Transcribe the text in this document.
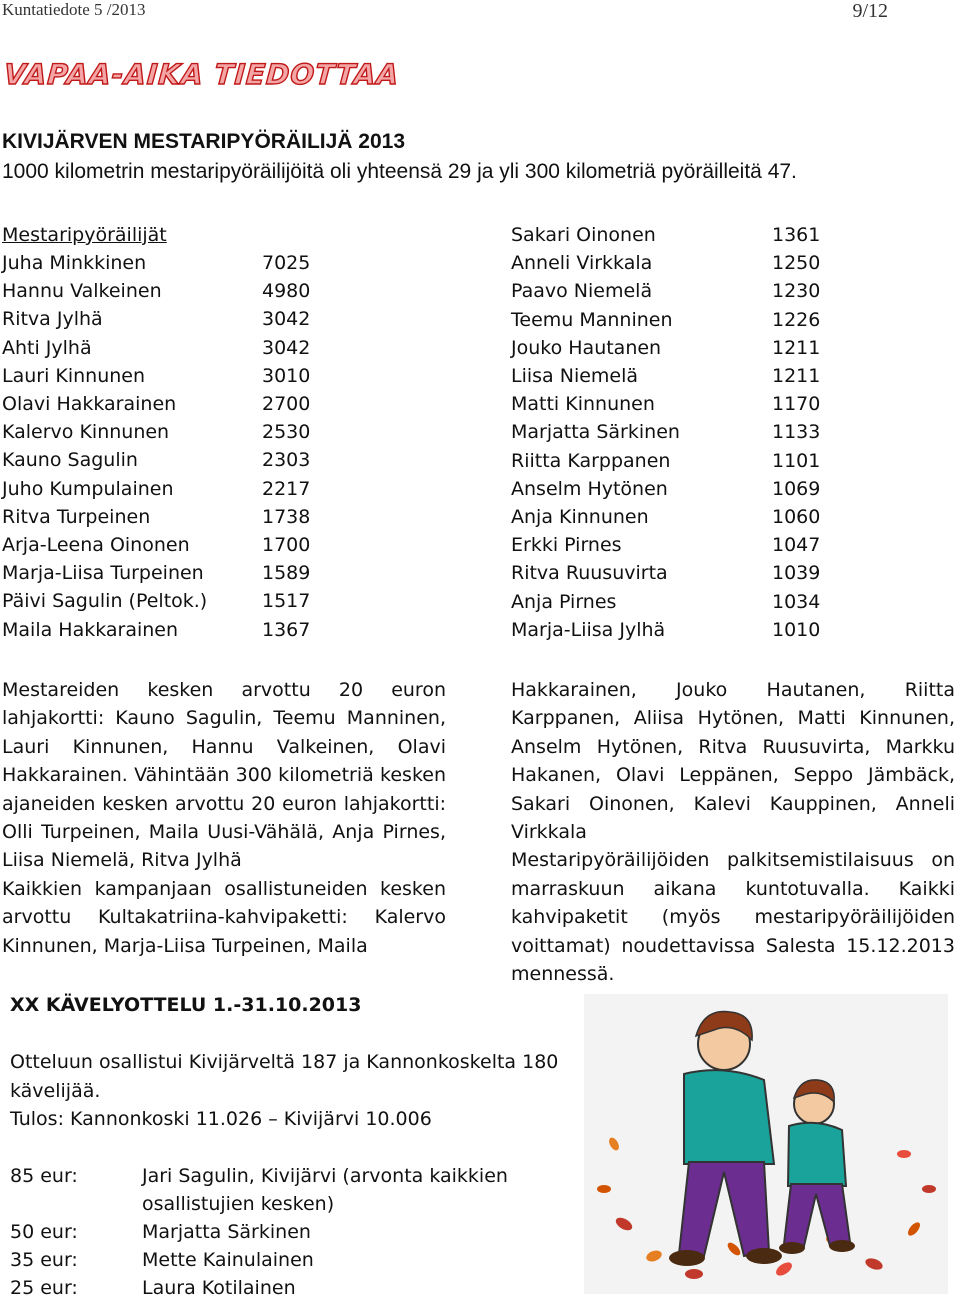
Kuntatiedote 5 /2013	9/12
VAPAA-AIKA TIEDOTTAA
KIVIJÄRVEN MESTARIPYÖRÄILIJÄ 2013
1000 kilometrin mestaripyöräilijöitä oli yhteensä 29 ja yli 300 kilometriä pyöräilleitä 47.
Mestaripyöräilijät
Juha Minkkinen	7025
Hannu Valkeinen	4980
Ritva Jylhä	3042
Ahti Jylhä	3042
Lauri Kinnunen	3010
Olavi Hakkarainen	2700
Kalervo Kinnunen	2530
Kauno Sagulin	2303
Juho Kumpulainen	2217
Ritva Turpeinen	1738
Arja-Leena Oinonen	1700
Marja-Liisa Turpeinen	1589
Päivi Sagulin (Peltok.)	1517
Maila Hakkarainen	1367
Sakari Oinonen	1361
Anneli Virkkala	1250
Paavo Niemelä	1230
Teemu Manninen	1226
Jouko Hautanen	1211
Liisa Niemelä	1211
Matti Kinnunen	1170
Marjatta Särkinen	1133
Riitta Karppanen	1101
Anselm Hytönen	1069
Anja Kinnunen	1060
Erkki Pirnes	1047
Ritva Ruusuvirta	1039
Anja Pirnes	1034
Marja-Liisa Jylhä	1010

Mestareiden kesken arvottu 20 euron lahjakortti: Kauno Sagulin, Teemu Manninen, Lauri Kinnunen, Hannu Valkeinen, Olavi Hakkarainen. Vähintään 300 kilometriä kesken ajaneiden kesken arvottu 20 euron lahjakortti: Olli Turpeinen, Maila Uusi-Vähälä, Anja Pirnes, Liisa Niemelä, Ritva Jylhä

Kaikkien kampanjaan osallistuneiden kesken arvottu Kultakatriina-kahvipaketti: Kalervo Kinnunen, Marja-Liisa Turpeinen, Maila

Hakkarainen, Jouko Hautanen, Riitta Karppanen, Aliisa Hytönen, Matti Kinnunen, Anselm Hytönen, Ritva Ruusuvirta, Markku Hakanen, Olavi Leppänen, Seppo Jämbäck, Sakari Oinonen, Kalevi Kauppinen, Anneli Virkkala

Mestaripyöräilijöiden palkitsemistilaisuus on marraskuun aikana kuntotuvalla. Kaikki kahvipaketit (myös mestaripyöräilijöiden voittamat) noudettavissa Salesta 15.12.2013 mennessä.

XX KÄVELYOTTELU 1.-31.10.2013
Otteluun osallistui Kivijärveltä 187 ja Kannonkoskelta 180
kävelijää.
Tulos: Kannonkoski 11.026 – Kivijärvi 10.006
85 eur:	Jari Sagulin, Kivijärvi (arvonta kaikkien
osallistujien kesken)
50 eur:	Marjatta Särkinen
35 eur:	Mette Kainulainen
25 eur:	Laura Kotilainen
